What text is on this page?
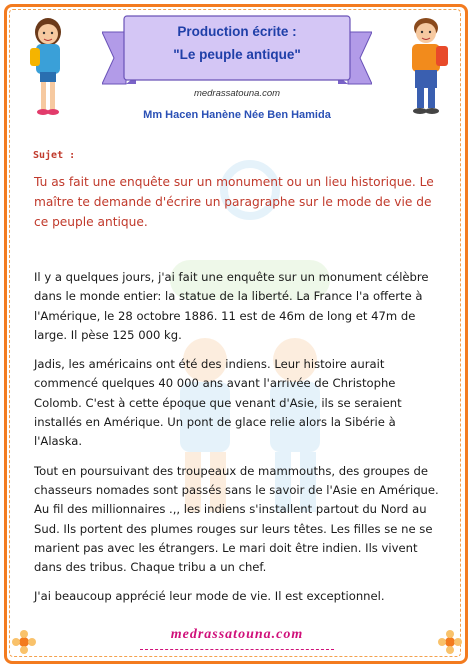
Production écrite :
"Le peuple antique"
medrassatouna.com
Mm Hacen Hanène Née Ben Hamida
Sujet :
Tu as fait une enquête sur un monument ou un lieu historique. Le maître te demande d'écrire un paragraphe sur le mode de vie de ce peuple antique.

Il y a quelques jours, j'ai fait une enquête sur un monument célèbre dans le monde entier: la statue de la liberté. La France l'a offerte à l'Amérique, le 28 octobre 1886. 11 est de 46m de long et 47m de large. Il pèse 125 000 kg.

Jadis, les américains ont été des indiens. Leur histoire aurait commencé quelques 40 000 ans avant l'arrivée de Christophe Colomb. C'est à cette époque que venant d'Asie, ils se seraient installés en Amérique. Un pont de glace relie alors la Sibérie à l'Alaska.

Tout en poursuivant des troupeaux de mammouths, des groupes de chasseurs nomades sont passés sans le savoir de l'Asie en Amérique. Au fil des millionnaires .,, les indiens s'installent partout du Nord au Sud. Ils portent des plumes rouges sur leurs têtes. Les filles se ne se marient pas avec les étrangers. Le mari doit être indien. Ils vivent dans des tribus. Chaque tribu a un chef.

J'ai beaucoup apprécié leur mode de vie. Il est exceptionnel.

medrassatouna.com
